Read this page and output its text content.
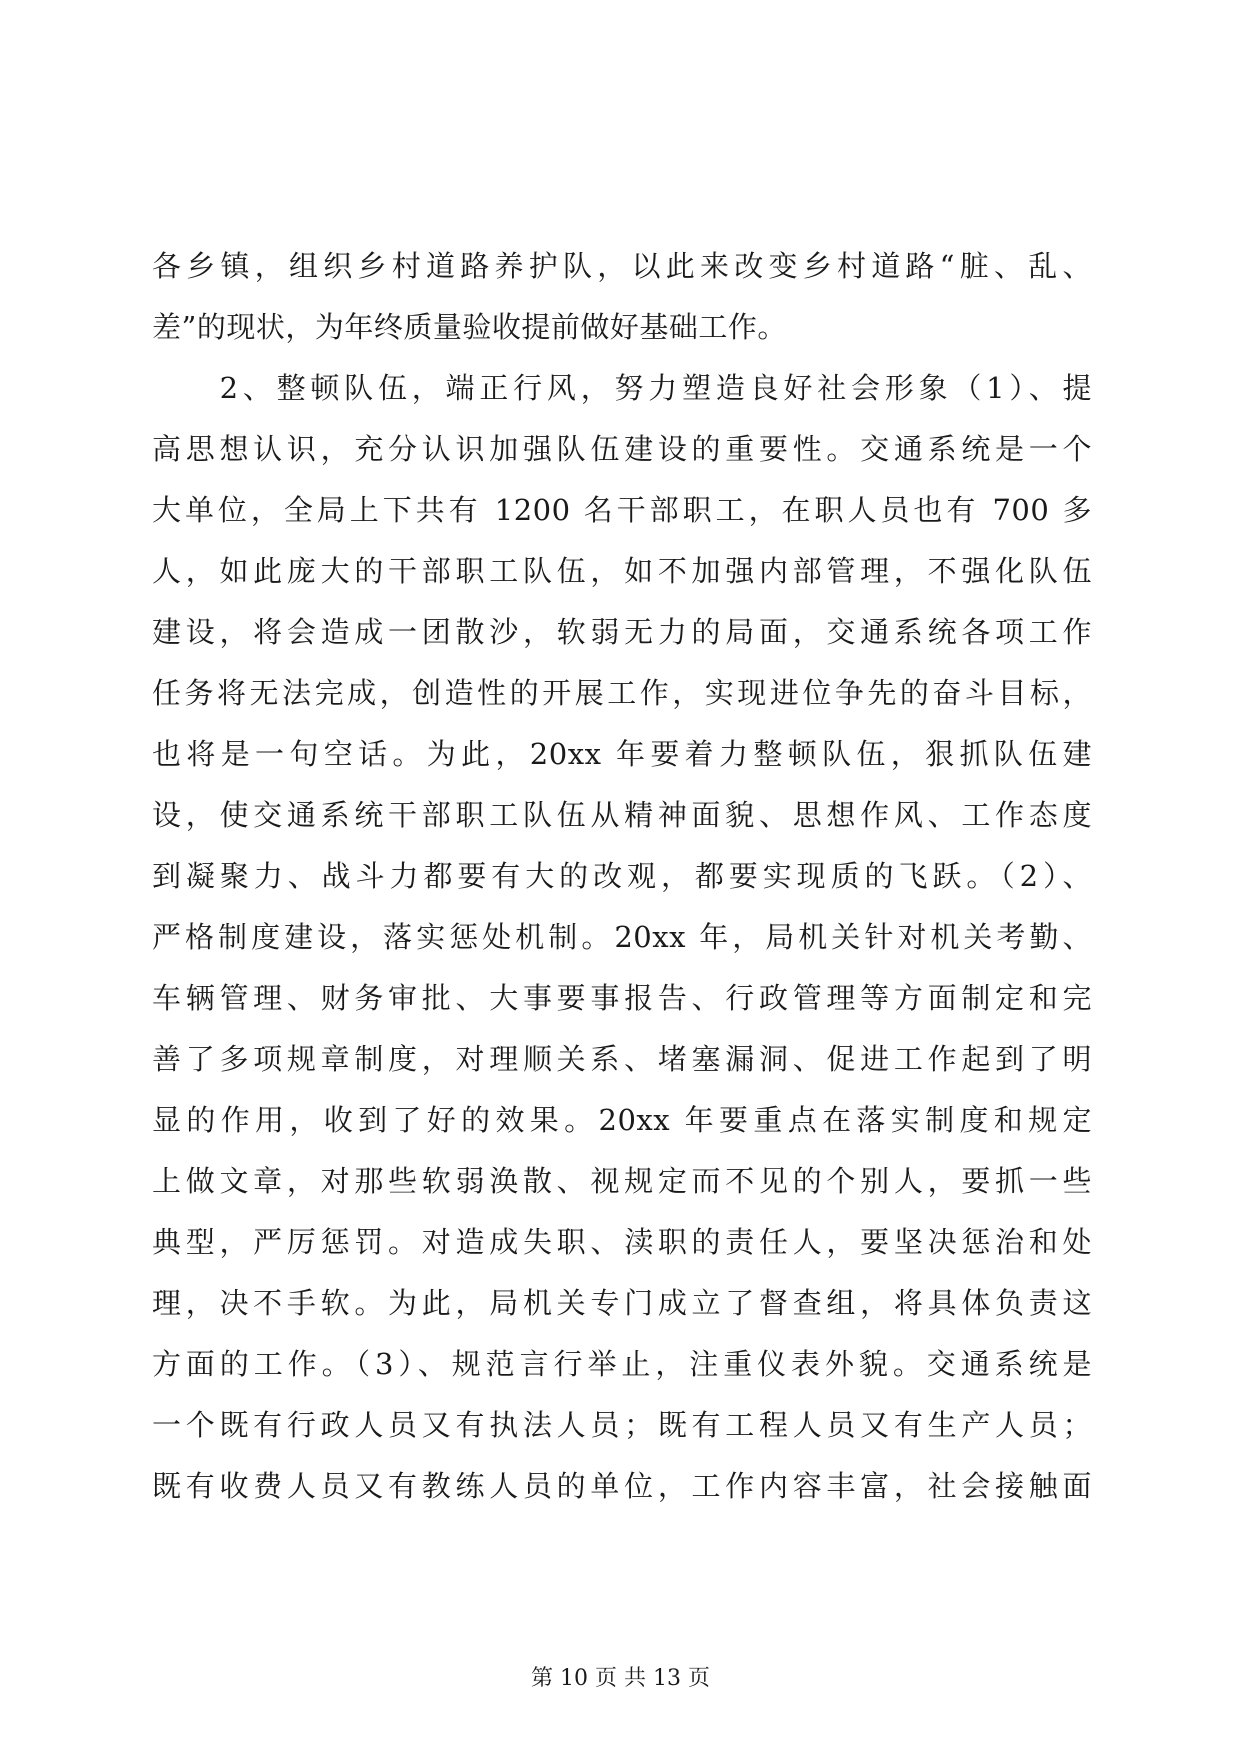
各乡镇，组织乡村道路养护队，以此来改变乡村道路“脏、乱、
差”的现状，为年终质量验收提前做好基础工作。
　　2、整顿队伍，端正行风，努力塑造良好社会形象（1）、提
高思想认识，充分认识加强队伍建设的重要性。交通系统是一个
大单位，全局上下共有 1200 名干部职工，在职人员也有 700 多
人，如此庞大的干部职工队伍，如不加强内部管理，不强化队伍
建设，将会造成一团散沙，软弱无力的局面，交通系统各项工作
任务将无法完成，创造性的开展工作，实现进位争先的奋斗目标，
也将是一句空话。为此，20xx 年要着力整顿队伍，狠抓队伍建
设，使交通系统干部职工队伍从精神面貌、思想作风、工作态度
到凝聚力、战斗力都要有大的改观，都要实现质的飞跃。（2）、
严格制度建设，落实惩处机制。20xx 年，局机关针对机关考勤、
车辆管理、财务审批、大事要事报告、行政管理等方面制定和完
善了多项规章制度，对理顺关系、堵塞漏洞、促进工作起到了明
显的作用，收到了好的效果。20xx 年要重点在落实制度和规定
上做文章，对那些软弱涣散、视规定而不见的个别人，要抓一些
典型，严厉惩罚。对造成失职、渎职的责任人，要坚决惩治和处
理，决不手软。为此，局机关专门成立了督查组，将具体负责这
方面的工作。（3）、规范言行举止，注重仪表外貌。交通系统是
一个既有行政人员又有执法人员；既有工程人员又有生产人员；
既有收费人员又有教练人员的单位，工作内容丰富，社会接触面
第 10 页 共 13 页
